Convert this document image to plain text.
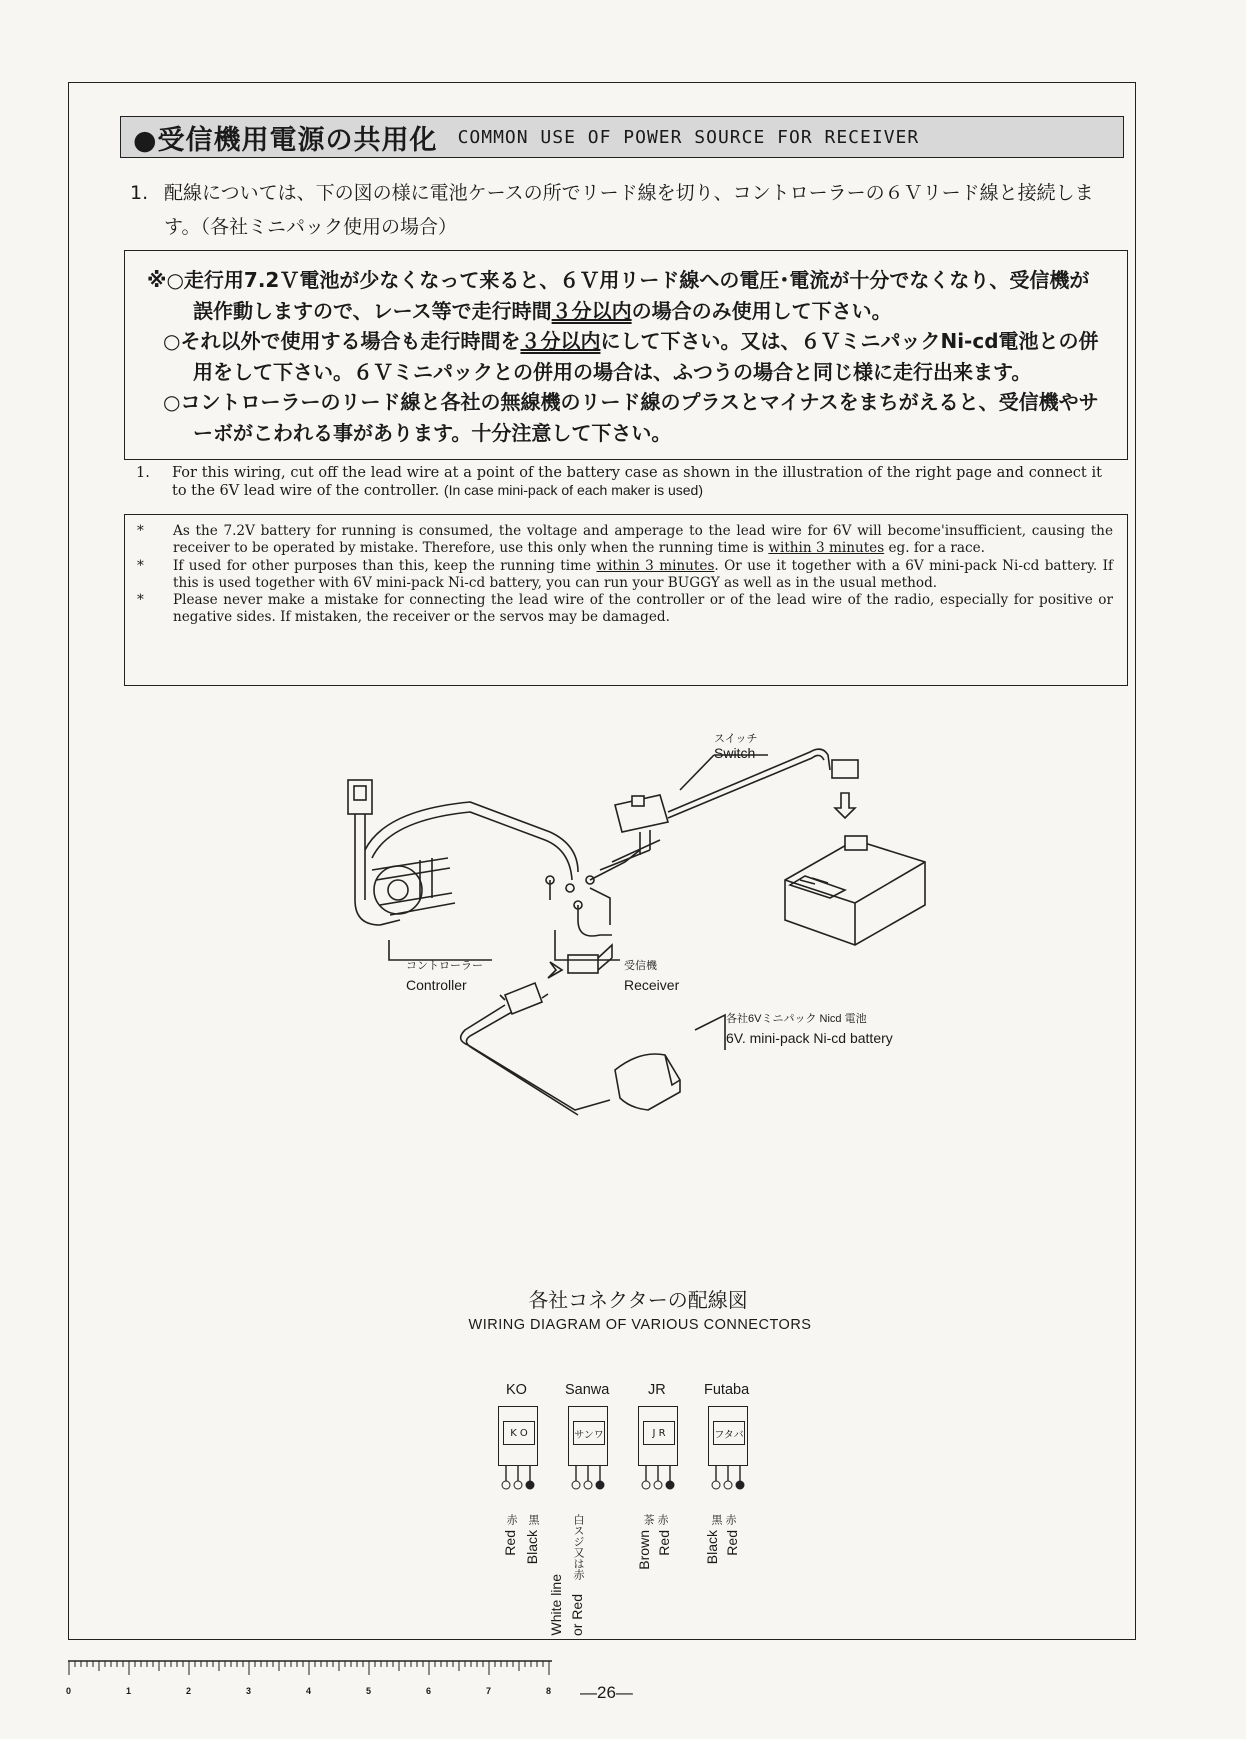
●受信機用電源の共用化 COMMON USE OF POWER SOURCE FOR RECEIVER
1. 配線については、下の図の様に電池ケースの所でリード線を切り、コントローラーの６Ｖリード線と接続します。（各社ミニパック使用の場合）
※○走行用7.2Ｖ電池が少なくなって来ると、６Ｖ用リード線への電圧･電流が十分でなくなり、受信機が誤作動しますので、レース等で走行時間３分以内の場合のみ使用して下さい。
○それ以外で使用する場合も走行時間を３分以内にして下さい。又は、６ＶミニパックNi-cd電池との併用をして下さい。６Ｖミニパックとの併用の場合は、ふつうの場合と同じ様に走行出来ます。
○コントローラーのリード線と各社の無線機のリード線のプラスとマイナスをまちがえると、受信機やサーボがこわれる事があります。十分注意して下さい。
1.	For this wiring, cut off the lead wire at a point of the battery case as shown in the illustration of the right page and connect it to the 6V lead wire of the controller. (In case mini-pack of each maker is used)
* As the 7.2V battery for running is consumed, the voltage and amperage to the lead wire for 6V will become'insufficient, causing the receiver to be operated by mistake. Therefore, use this only when the running time is within 3 minutes eg. for a race.
* If used for other purposes than this, keep the running time within 3 minutes. Or use it together with a 6V mini-pack Ni-cd battery. If this is used together with 6V mini-pack Ni-cd battery, you can run your BUGGY as well as in the usual method.
* Please never make a mistake for connecting the lead wire of the controller or of the lead wire of the radio, especially for positive or negative sides. If mistaken, the receiver or the servos may be damaged.
スイッチ
Switch
コントローラー
Controller
受信機
Receiver
各社6Vミニパック Nicd 電池
6V. mini-pack Ni-cd battery
各社コネクターの配線図
WIRING DIAGRAM OF VARIOUS CONNECTORS
KO
K O
赤 黒
Red Black
Sanwa
サンワ
白スジ又は赤
White line or Red
JR
J R
茶 赤
Brown Red
Futaba
フタバ
黒 赤
Black Red
0	1	2	3	4	5	6	7	8 —26—
